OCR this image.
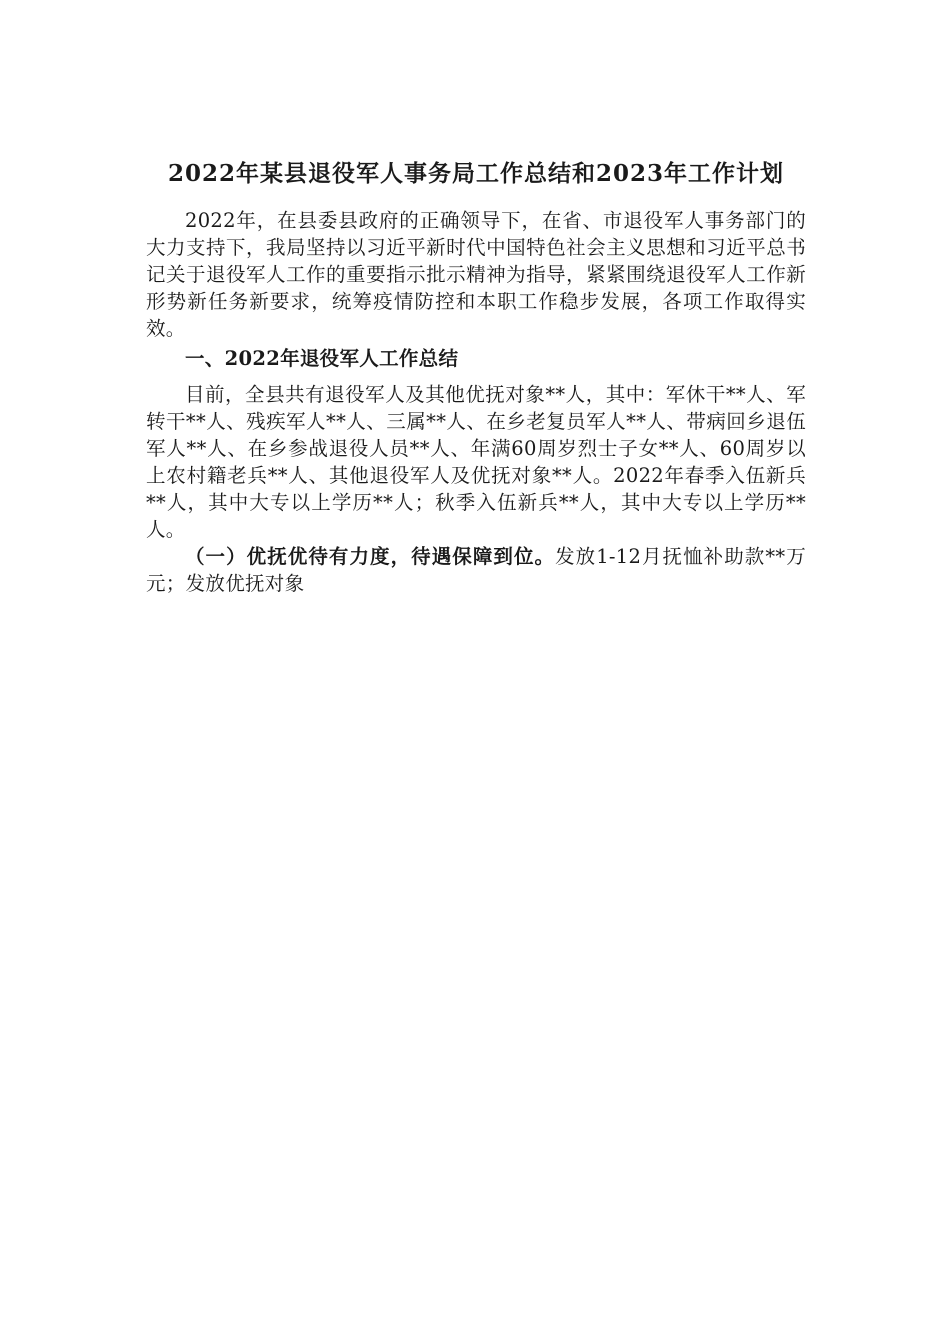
2022年某县退役军人事务局工作总结和2023年工作计划
2022年，在县委县政府的正确领导下，在省、市退役军人事务部门的大力支持下，我局坚持以习近平新时代中国特色社会主义思想和习近平总书记关于退役军人工作的重要指示批示精神为指导，紧紧围绕退役军人工作新形势新任务新要求，统筹疫情防控和本职工作稳步发展，各项工作取得实效。
一、2022年退役军人工作总结
目前，全县共有退役军人及其他优抚对象**人，其中：军休干**人、军转干**人、残疾军人**人、三属**人、在乡老复员军人**人、带病回乡退伍军人**人、在乡参战退役人员**人、年满60周岁烈士子女**人、60周岁以上农村籍老兵**人、其他退役军人及优抚对象**人。2022年春季入伍新兵**人，其中大专以上学历**人；秋季入伍新兵**人，其中大专以上学历**人。
（一）优抚优待有力度，待遇保障到位。发放1-12月抚恤补助款**万元；发放优抚对象
